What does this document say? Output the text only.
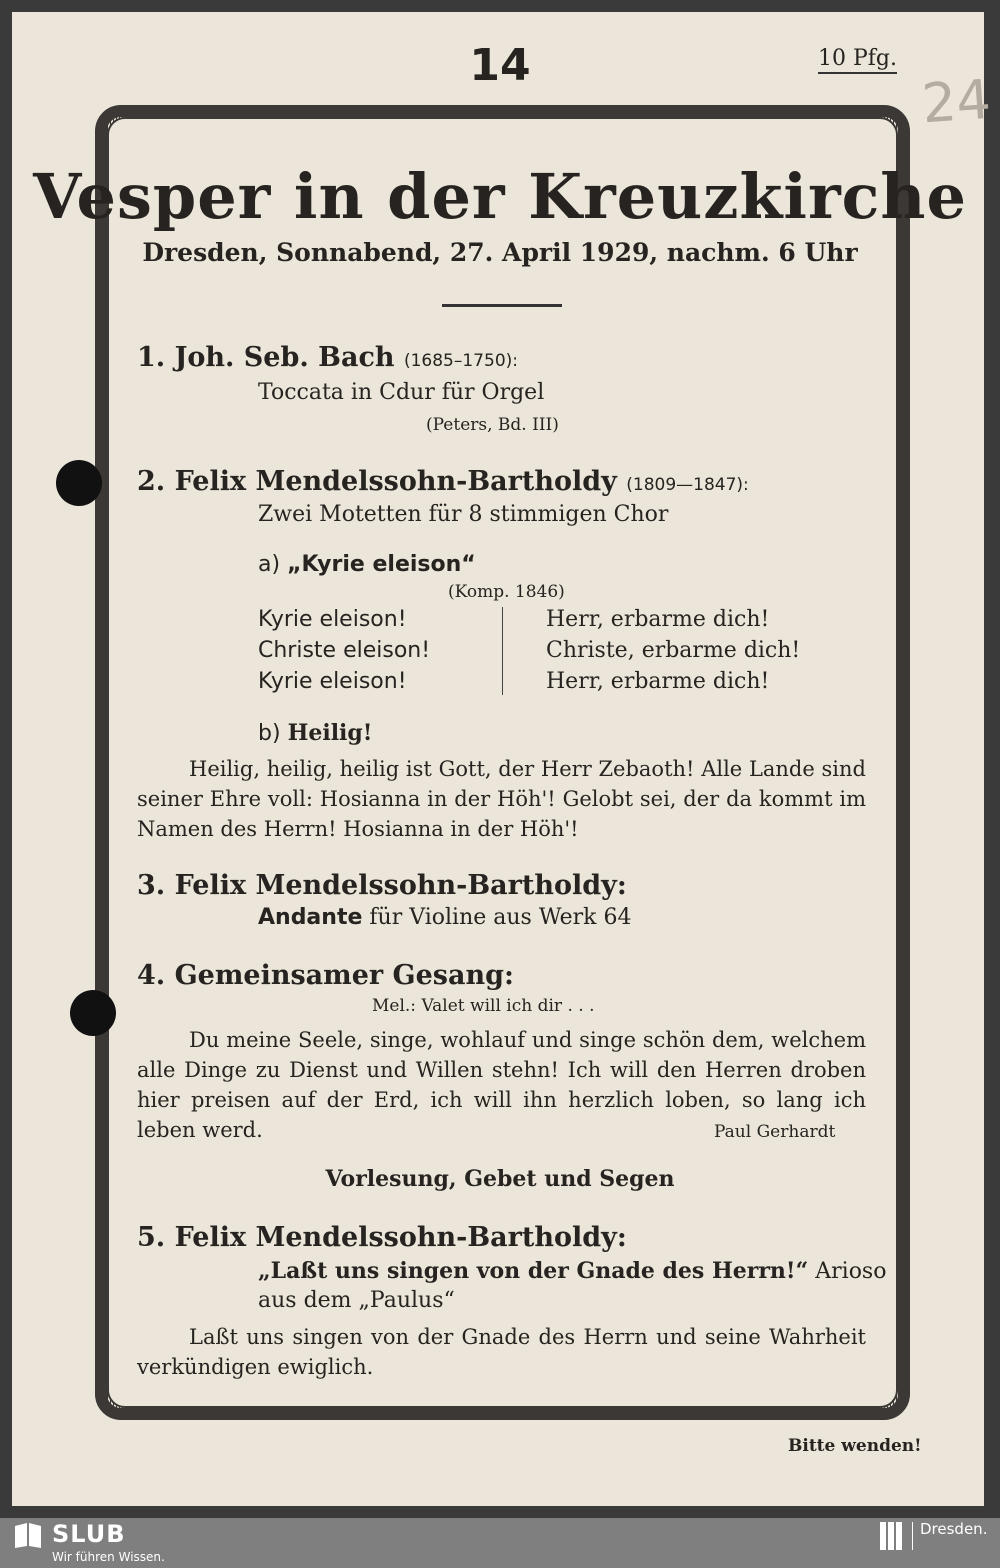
14	10 Pfg.
24
Vesper in der Kreuzkirche
Dresden, Sonnabend, 27. April 1929, nachm. 6 Uhr
1. Joh. Seb. Bach (1685–1750):
Toccata in Cdur für Orgel
(Peters, Bd. III)
2. Felix Mendelssohn-Bartholdy (1809—1847):
Zwei Motetten für 8 stimmigen Chor
a) „Kyrie eleison“
(Komp. 1846)
Kyrie eleison!
Christe eleison!
Kyrie eleison!
Herr, erbarme dich!
Christe, erbarme dich!
Herr, erbarme dich!
b) Heilig!
Heilig, heilig, heilig ist Gott, der Herr Zebaoth! Alle Lande sind seiner Ehre voll: Hosianna in der Höh'! Gelobt sei, der da kommt im Namen des Herrn! Hosianna in der Höh'!
3. Felix Mendelssohn-Bartholdy:
Andante für Violine aus Werk 64
4. Gemeinsamer Gesang:
Mel.: Valet will ich dir . . .
Du meine Seele, singe, wohlauf und singe schön dem, welchem alle Dinge zu Dienst und Willen stehn! Ich will den Herren droben hier preisen auf der Erd, ich will ihn herzlich loben, so lang ich leben werd.	Paul Gerhardt
Vorlesung, Gebet und Segen
5. Felix Mendelssohn-Bartholdy:
„Laßt uns singen von der Gnade des Herrn!“ Arioso
aus dem „Paulus“
Laßt uns singen von der Gnade des Herrn und seine Wahrheit verkündigen ewiglich.
Bitte wenden!
SLUB
Wir führen Wissen.
Dresden.
